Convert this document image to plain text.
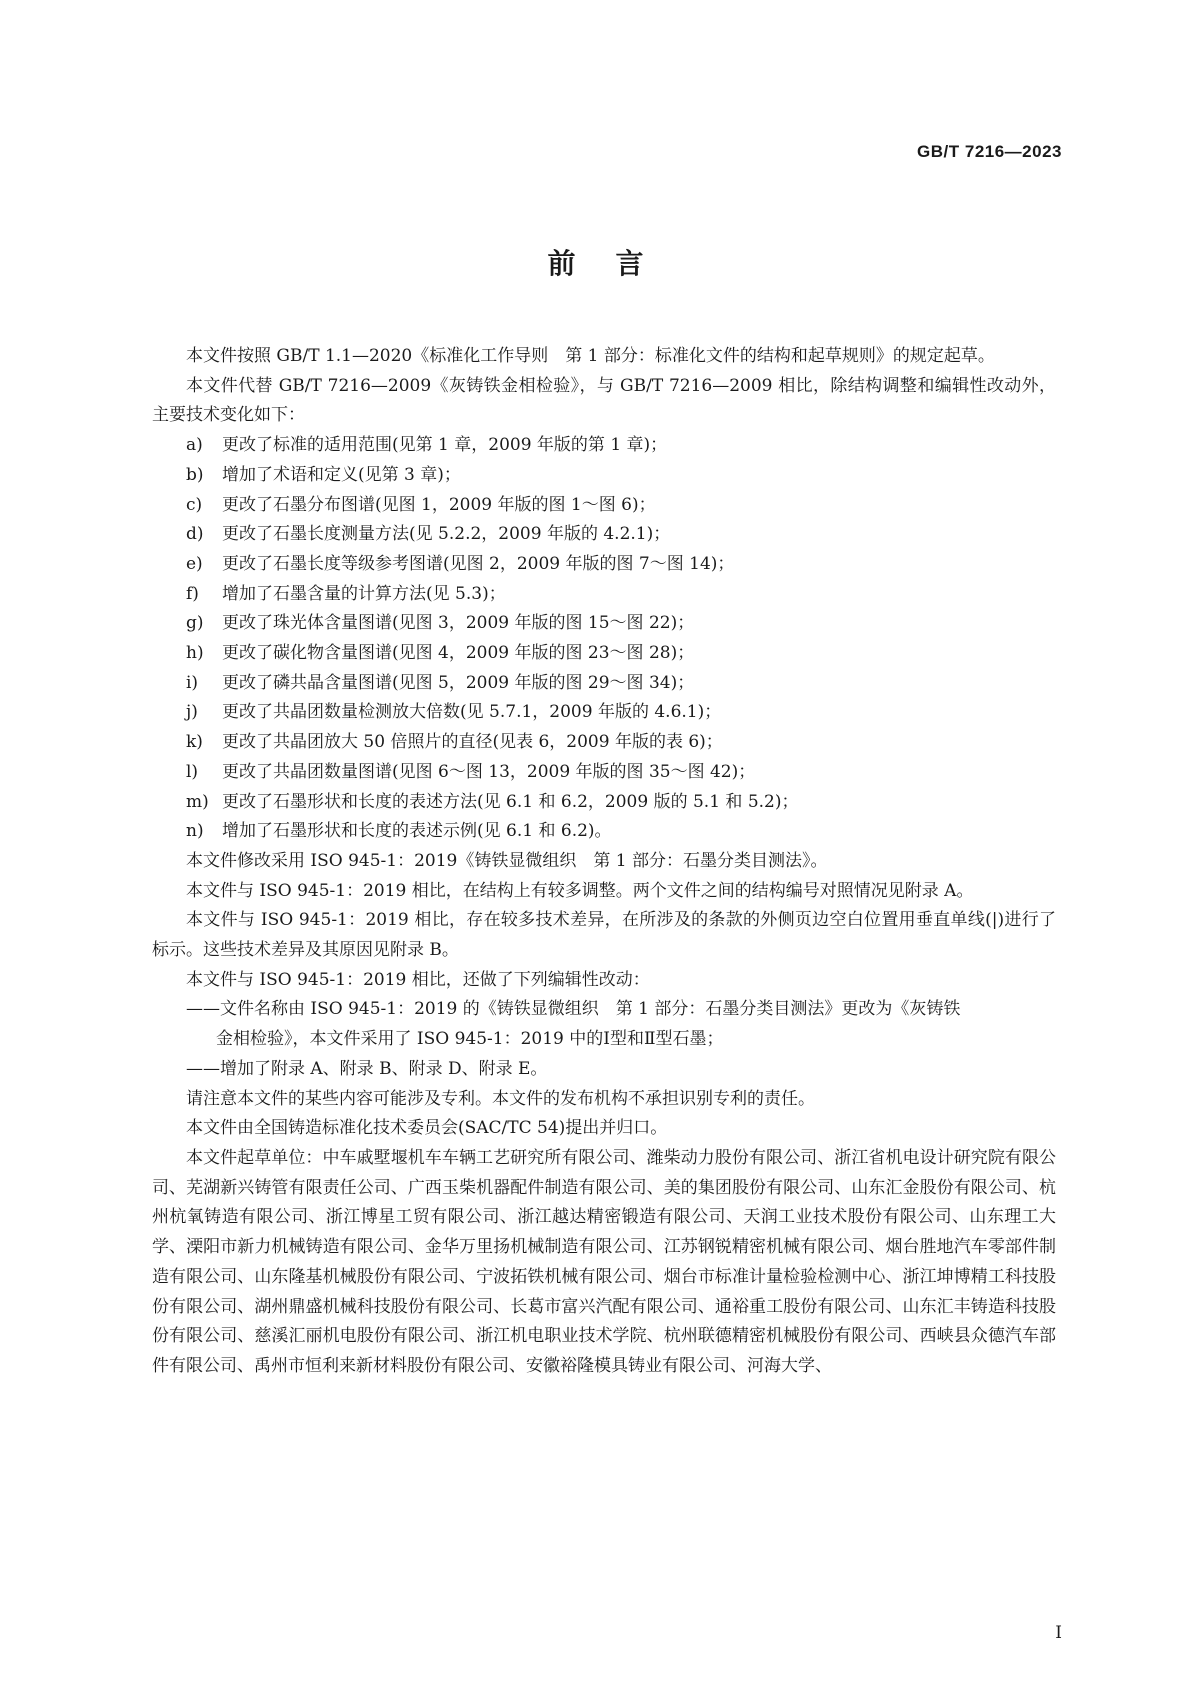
GB/T 7216—2023
前言

本文件按照 GB/T 1.1—2020《标准化工作导则　第 1 部分：标准化文件的结构和起草规则》的规定起草。

本文件代替 GB/T 7216—2009《灰铸铁金相检验》，与 GB/T 7216—2009 相比，除结构调整和编辑性改动外，主要技术变化如下：

a) 更改了标准的适用范围(见第 1 章，2009 年版的第 1 章)；

b) 增加了术语和定义(见第 3 章)；

c) 更改了石墨分布图谱(见图 1，2009 年版的图 1～图 6)；

d) 更改了石墨长度测量方法(见 5.2.2，2009 年版的 4.2.1)；

e) 更改了石墨长度等级参考图谱(见图 2，2009 年版的图 7～图 14)；

f) 增加了石墨含量的计算方法(见 5.3)；

g) 更改了珠光体含量图谱(见图 3，2009 年版的图 15～图 22)；

h) 更改了碳化物含量图谱(见图 4，2009 年版的图 23～图 28)；

i) 更改了磷共晶含量图谱(见图 5，2009 年版的图 29～图 34)；

j) 更改了共晶团数量检测放大倍数(见 5.7.1，2009 年版的 4.6.1)；

k) 更改了共晶团放大 50 倍照片的直径(见表 6，2009 年版的表 6)；

l) 更改了共晶团数量图谱(见图 6～图 13，2009 年版的图 35～图 42)；

m) 更改了石墨形状和长度的表述方法(见 6.1 和 6.2，2009 版的 5.1 和 5.2)；

n) 增加了石墨形状和长度的表述示例(见 6.1 和 6.2)。

本文件修改采用 ISO 945-1：2019《铸铁显微组织　第 1 部分：石墨分类目测法》。

本文件与 ISO 945-1：2019 相比，在结构上有较多调整。两个文件之间的结构编号对照情况见附录 A。

本文件与 ISO 945-1：2019 相比，存在较多技术差异，在所涉及的条款的外侧页边空白位置用垂直单线(|)进行了标示。这些技术差异及其原因见附录 B。

本文件与 ISO 945-1：2019 相比，还做了下列编辑性改动：

——文件名称由 ISO 945-1：2019 的《铸铁显微组织　第 1 部分：石墨分类目测法》更改为《灰铸铁

金相检验》，本文件采用了 ISO 945-1：2019 中的Ⅰ型和Ⅱ型石墨；

——增加了附录 A、附录 B、附录 D、附录 E。

请注意本文件的某些内容可能涉及专利。本文件的发布机构不承担识别专利的责任。

本文件由全国铸造标准化技术委员会(SAC/TC 54)提出并归口。

本文件起草单位：中车戚墅堰机车车辆工艺研究所有限公司、潍柴动力股份有限公司、浙江省机电设计研究院有限公司、芜湖新兴铸管有限责任公司、广西玉柴机器配件制造有限公司、美的集团股份有限公司、山东汇金股份有限公司、杭州杭氧铸造有限公司、浙江博星工贸有限公司、浙江越达精密锻造有限公司、天润工业技术股份有限公司、山东理工大学、溧阳市新力机械铸造有限公司、金华万里扬机械制造有限公司、江苏钢锐精密机械有限公司、烟台胜地汽车零部件制造有限公司、山东隆基机械股份有限公司、宁波拓铁机械有限公司、烟台市标准计量检验检测中心、浙江坤博精工科技股份有限公司、湖州鼎盛机械科技股份有限公司、长葛市富兴汽配有限公司、通裕重工股份有限公司、山东汇丰铸造科技股份有限公司、慈溪汇丽机电股份有限公司、浙江机电职业技术学院、杭州联德精密机械股份有限公司、西峡县众德汽车部件有限公司、禹州市恒利来新材料股份有限公司、安徽裕隆模具铸业有限公司、河海大学、

I
